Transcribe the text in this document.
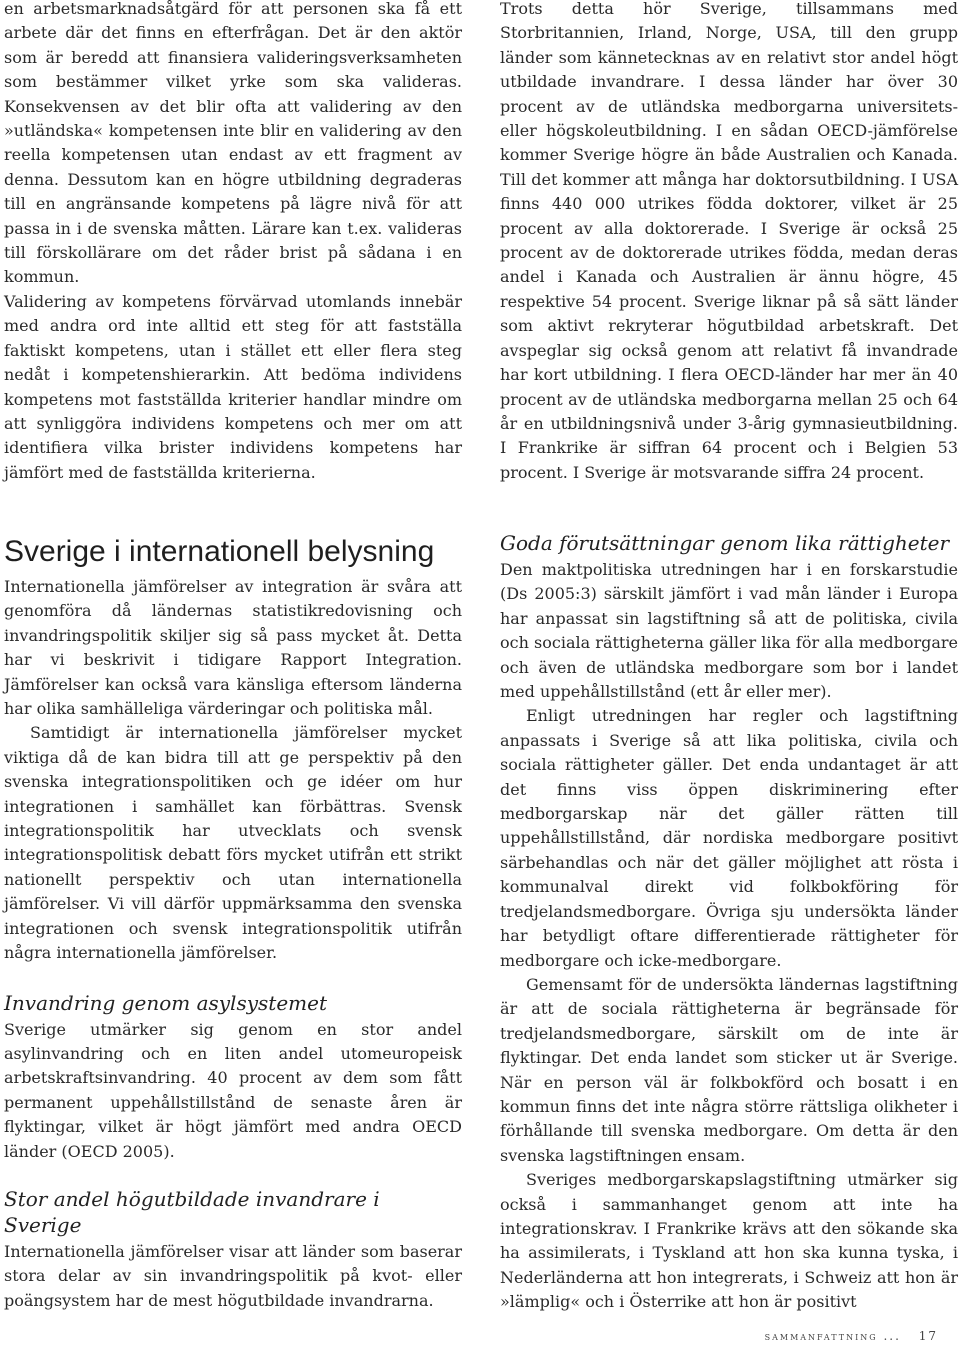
en arbetsmarknadsåtgärd för att personen ska få ett arbete där det finns en efterfrågan. Det är den aktör som är beredd att finansiera valideringsverksamheten som bestämmer vilket yrke som ska valideras. Konsekvensen av det blir ofta att validering av den »utländska« kompetensen inte blir en validering av den reella kompetensen utan endast av ett fragment av denna. Dessutom kan en högre utbildning degraderas till en angränsande kompetens på lägre nivå för att passa in i de svenska måtten. Lärare kan t.ex. valideras till förskollärare om det råder brist på sådana i en kommun.

Validering av kompetens förvärvad utomlands innebär med andra ord inte alltid ett steg för att fastställa faktiskt kompetens, utan i stället ett eller flera steg nedåt i kompetenshierarkin. Att bedöma individens kompetens mot fastställda kriterier handlar mindre om att synliggöra individens kompetens och mer om att identifiera vilka brister individens kompetens har jämfört med de fastställda kriterierna.

Trots detta hör Sverige, tillsammans med Storbritannien, Irland, Norge, USA, till den grupp länder som kännetecknas av en relativt stor andel högt utbildade invandrare. I dessa länder har över 30 procent av de utländska medborgarna universitets- eller högskoleutbildning. I en sådan OECD-jämförelse kommer Sverige högre än både Australien och Kanada. Till det kommer att många har doktorsutbildning. I USA finns 440 000 utrikes födda doktorer, vilket är 25 procent av alla doktorerade. I Sverige är också 25 procent av de doktorerade utrikes födda, medan deras andel i Kanada och Australien är ännu högre, 45 respektive 54 procent. Sverige liknar på så sätt länder som aktivt rekryterar högutbildad arbetskraft. Det avspeglar sig också genom att relativt få invandrade har kort utbildning. I flera OECD-länder har mer än 40 procent av de utländska medborgarna mellan 25 och 64 år en utbildningsnivå under 3-årig gymnasieutbildning. I Frankrike är siffran 64 procent och i Belgien 53 procent. I Sverige är motsvarande siffra 24 procent.

Sverige i internationell belysning

Internationella jämförelser av integration är svåra att genomföra då ländernas statistikredovisning och invandringspolitik skiljer sig så pass mycket åt. Detta har vi beskrivit i tidigare Rapport Integration. Jämförelser kan också vara känsliga eftersom länderna har olika samhälleliga värderingar och politiska mål.

Samtidigt är internationella jämförelser mycket viktiga då de kan bidra till att ge perspektiv på den svenska integrationspolitiken och ge idéer om hur integrationen i samhället kan förbättras. Svensk integrationspolitik har utvecklats och svensk integrationspolitisk debatt förs mycket utifrån ett strikt nationellt perspektiv och utan internationella jämförelser. Vi vill därför uppmärksamma den svenska integrationen och svensk integrationspolitik utifrån några internationella jämförelser.

Invandring genom asylsystemet

Sverige utmärker sig genom en stor andel asylinvandring och en liten andel utomeuropeisk arbetskraftsinvandring. 40 procent av dem som fått permanent uppehållstillstånd de senaste åren är flyktingar, vilket är högt jämfört med andra OECD länder (OECD 2005).

Stor andel högutbildade invandrare i Sverige

Internationella jämförelser visar att länder som baserar stora delar av sin invandringspolitik på kvot- eller poängsystem har de mest högutbildade invandrarna.

Goda förutsättningar genom lika rättigheter

Den maktpolitiska utredningen har i en forskarstudie (Ds 2005:3) särskilt jämfört i vad mån länder i Europa har anpassat sin lagstiftning så att de politiska, civila och sociala rättigheterna gäller lika för alla medborgare och även de utländska medborgare som bor i landet med uppehållstillstånd (ett år eller mer).

Enligt utredningen har regler och lagstiftning anpassats i Sverige så att lika politiska, civila och sociala rättigheter gäller. Det enda undantaget är att det finns viss öppen diskriminering efter medborgarskap när det gäller rätten till uppehållstillstånd, där nordiska medborgare positivt särbehandlas och när det gäller möjlighet att rösta i kommunalval direkt vid folkbokföring för tredjelandsmedborgare. Övriga sju undersökta länder har betydligt oftare differentierade rättigheter för medborgare och icke-medborgare.

Gemensamt för de undersökta ländernas lagstiftning är att de sociala rättigheterna är begränsade för tredjelandsmedborgare, särskilt om de inte är flyktingar. Det enda landet som sticker ut är Sverige. När en person väl är folkbokförd och bosatt i en kommun finns det inte några större rättsliga olikheter i förhållande till svenska medborgare. Om detta är den svenska lagstiftningen ensam.

Sveriges medborgarskapslagstiftning utmärker sig också i sammanhanget genom att inte ha integrationskrav. I Frankrike krävs att den sökande ska ha assimilerats, i Tyskland att hon ska kunna tyska, i Nederländerna att hon integrerats, i Schweiz att hon är »lämplig« och i Österrike att hon är positivt

sammanfattning ... 17
